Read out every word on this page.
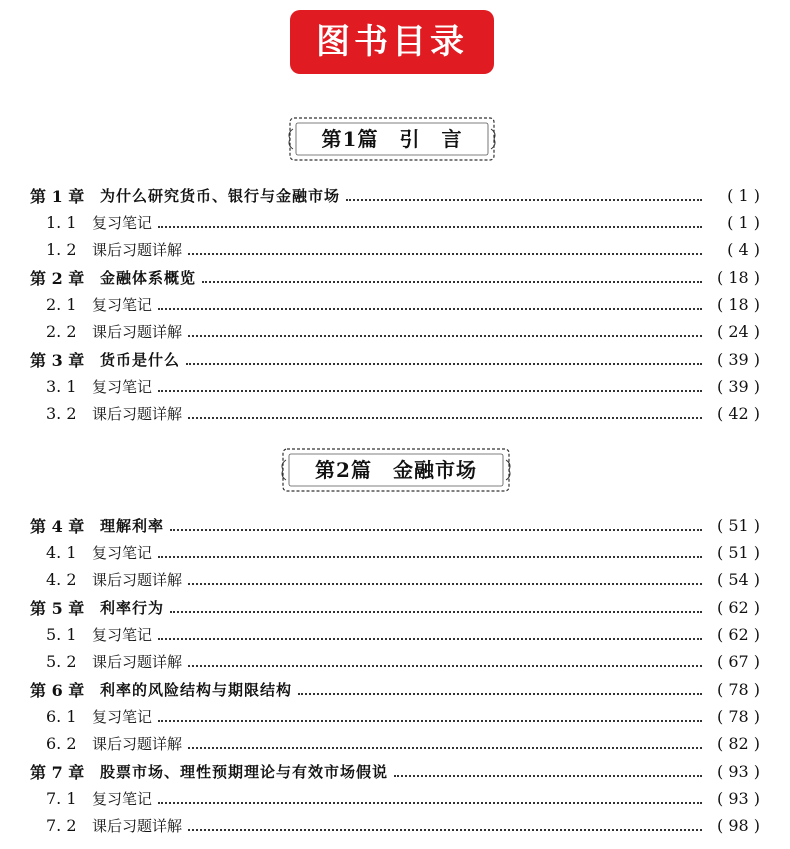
图书目录
第1篇　引　言
第2篇　金融市场
第 1 章	为什么研究货币、银行与金融市场	( 1 )
1. 1	复习笔记	( 1 )
1. 2	课后习题详解	( 4 )
第 2 章	金融体系概览	( 18 )
2. 1	复习笔记	( 18 )
2. 2	课后习题详解	( 24 )
第 3 章	货币是什么	( 39 )
3. 1	复习笔记	( 39 )
3. 2	课后习题详解	( 42 )
第 4 章	理解利率	( 51 )
4. 1	复习笔记	( 51 )
4. 2	课后习题详解	( 54 )
第 5 章	利率行为	( 62 )
5. 1	复习笔记	( 62 )
5. 2	课后习题详解	( 67 )
第 6 章	利率的风险结构与期限结构	( 78 )
6. 1	复习笔记	( 78 )
6. 2	课后习题详解	( 82 )
第 7 章	股票市场、理性预期理论与有效市场假说	( 93 )
7. 1	复习笔记	( 93 )
7. 2	课后习题详解	( 98 )
